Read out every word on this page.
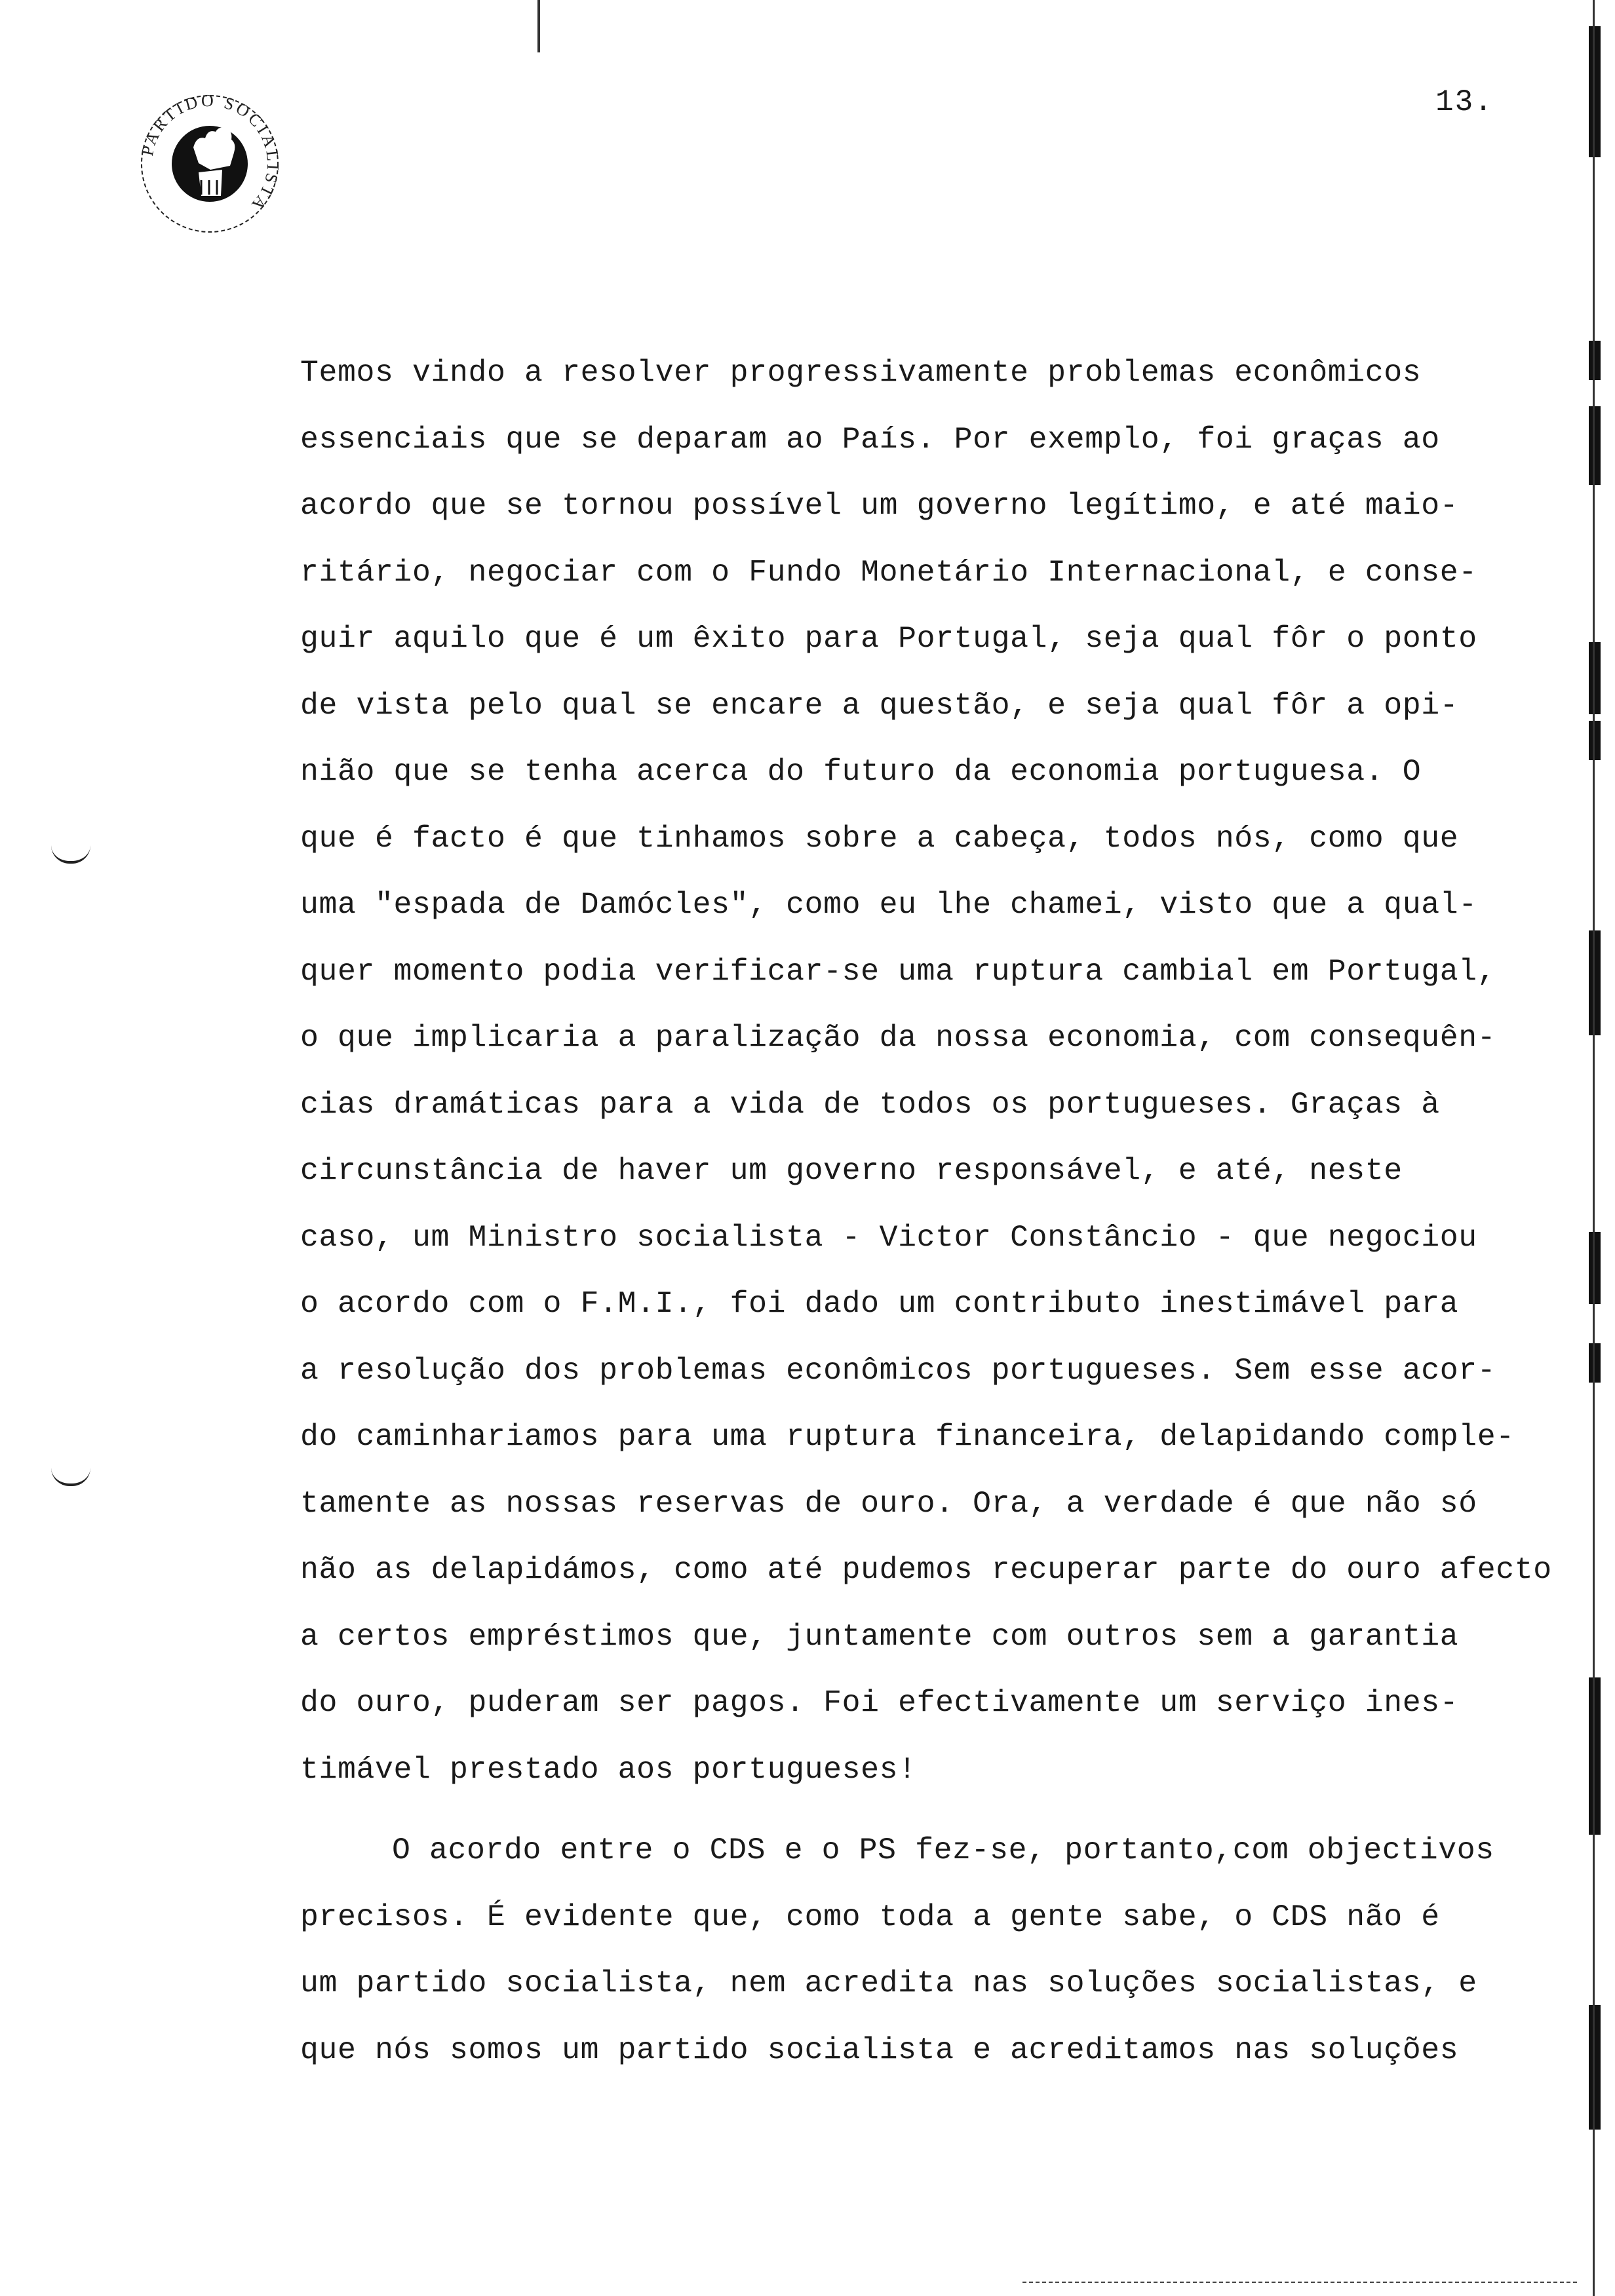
PARTIDO SOCIALISTA
13.
Temos vindo a resolver progressivamente problemas econômicos
essenciais que se deparam ao País. Por exemplo, foi graças ao
acordo que se tornou possível um governo legítimo, e até maio-
ritário, negociar com o Fundo Monetário Internacional, e conse-
guir aquilo que é um êxito para Portugal, seja qual fôr o ponto
de vista pelo qual se encare a questão, e seja qual fôr a opi-
nião que se tenha acerca do futuro da economia portuguesa. O
que é facto é que tinhamos sobre a cabeça, todos nós, como que
uma "espada de Damócles", como eu lhe chamei, visto que a qual-
quer momento podia verificar-se uma ruptura cambial em Portugal,
o que implicaria a paralização da nossa economia, com consequên-
cias dramáticas para a vida de todos os portugueses. Graças à
circunstância de haver um governo responsável, e até, neste
caso, um Ministro socialista - Victor Constâncio - que negociou
o acordo com o F.M.I., foi dado um contributo inestimável para
a resolução dos problemas econômicos portugueses. Sem esse acor-
do caminhariamos para uma ruptura financeira, delapidando comple-
tamente as nossas reservas de ouro. Ora, a verdade é que não só
não as delapidámos, como até pudemos recuperar parte do ouro afecto
a certos empréstimos que, juntamente com outros sem a garantia
do ouro, puderam ser pagos. Foi efectivamente um serviço ines-
timável prestado aos portugueses!
O acordo entre o CDS e o PS fez-se, portanto,com objectivos
precisos. É evidente que, como toda a gente sabe, o CDS não é
um partido socialista, nem acredita nas soluções socialistas, e
que nós somos um partido socialista e acreditamos nas soluções
